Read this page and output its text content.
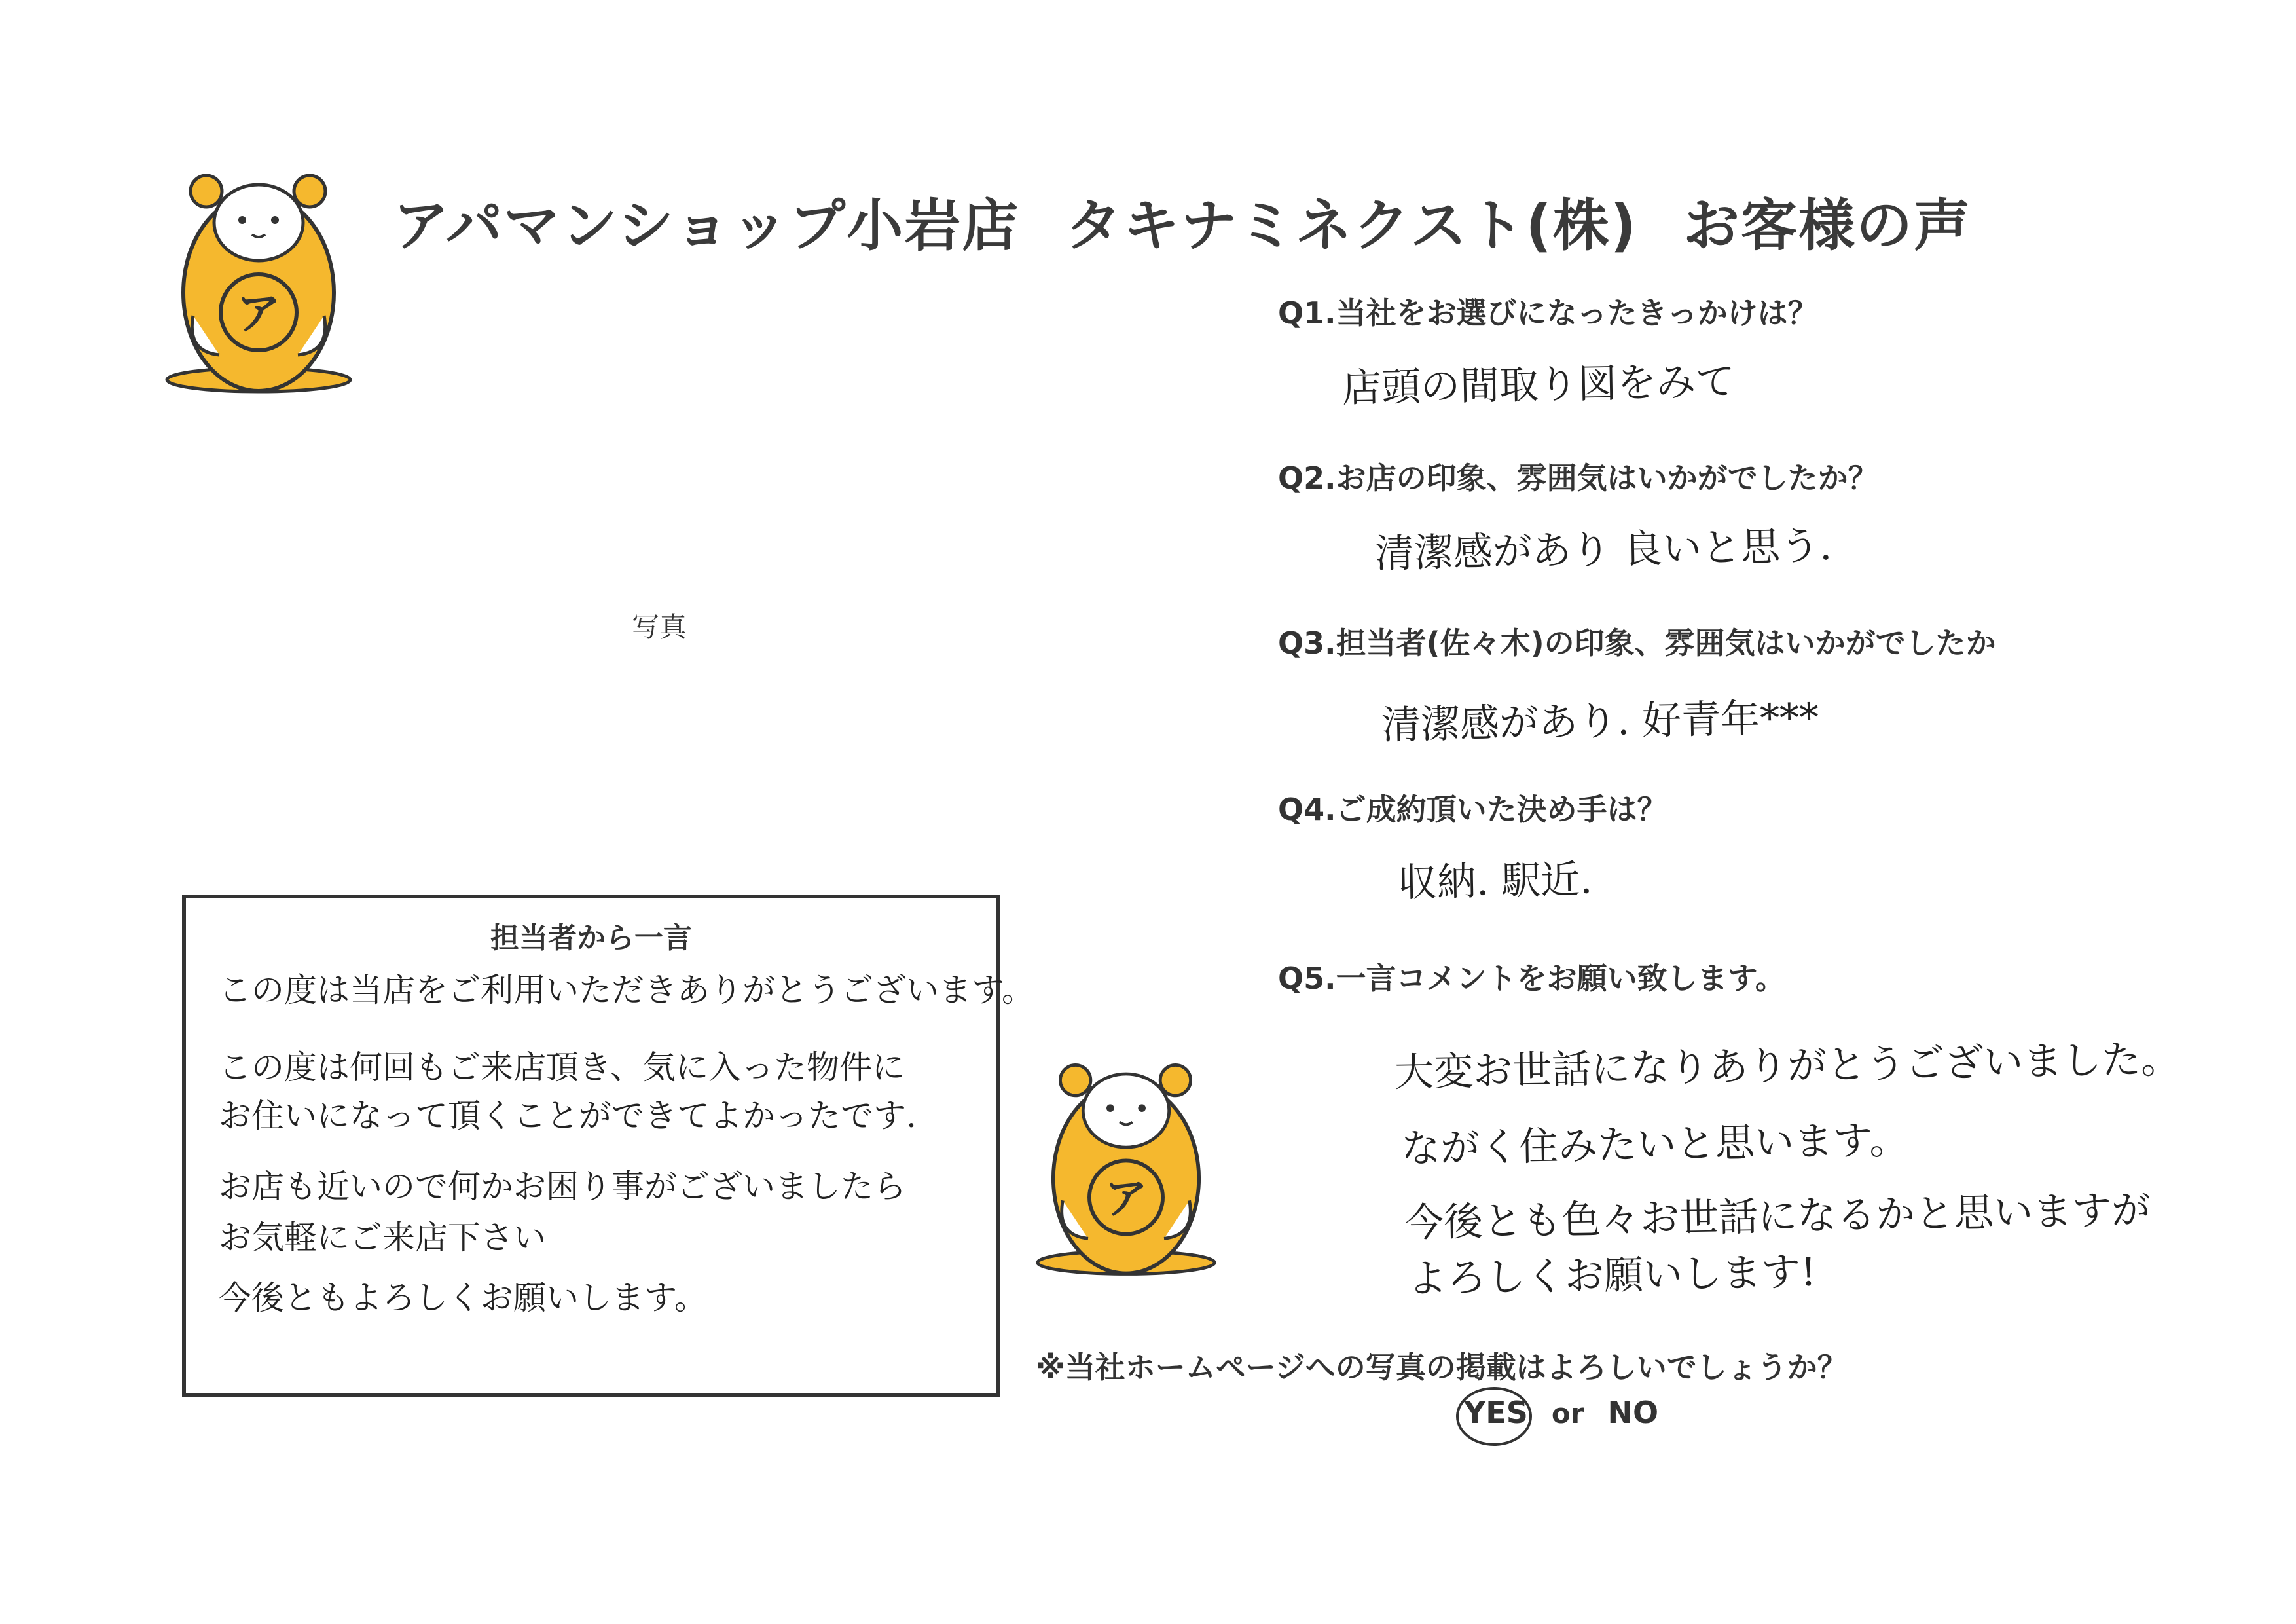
ア
アパマンショップ小岩店 タキナミネクスト(株) お客様の声
写真
Q1.当社をお選びになったきっかけは？
店頭の間取り図をみて
Q2.お店の印象、雰囲気はいかがでしたか？
清潔感があり 良いと思う.
Q3.担当者(佐々木)の印象、雰囲気はいかがでしたか
清潔感があり. 好青年***
Q4.ご成約頂いた決め手は？
収納. 駅近.
Q5.一言コメントをお願い致します。
大変お世話になりありがとうございました。
ながく住みたいと思います。
今後とも色々お世話になるかと思いますが
よろしくお願いします!
ア
担当者から一言
この度は当店をご利用いただきありがとうございます。
この度は何回もご来店頂き、気に入った物件に
お住いになって頂くことができてよかったです.
お店も近いので何かお困り事がございましたら
お気軽にご来店下さい
今後ともよろしくお願いします。
※当社ホームページへの写真の掲載はよろしいでしょうか？
YES or NO
